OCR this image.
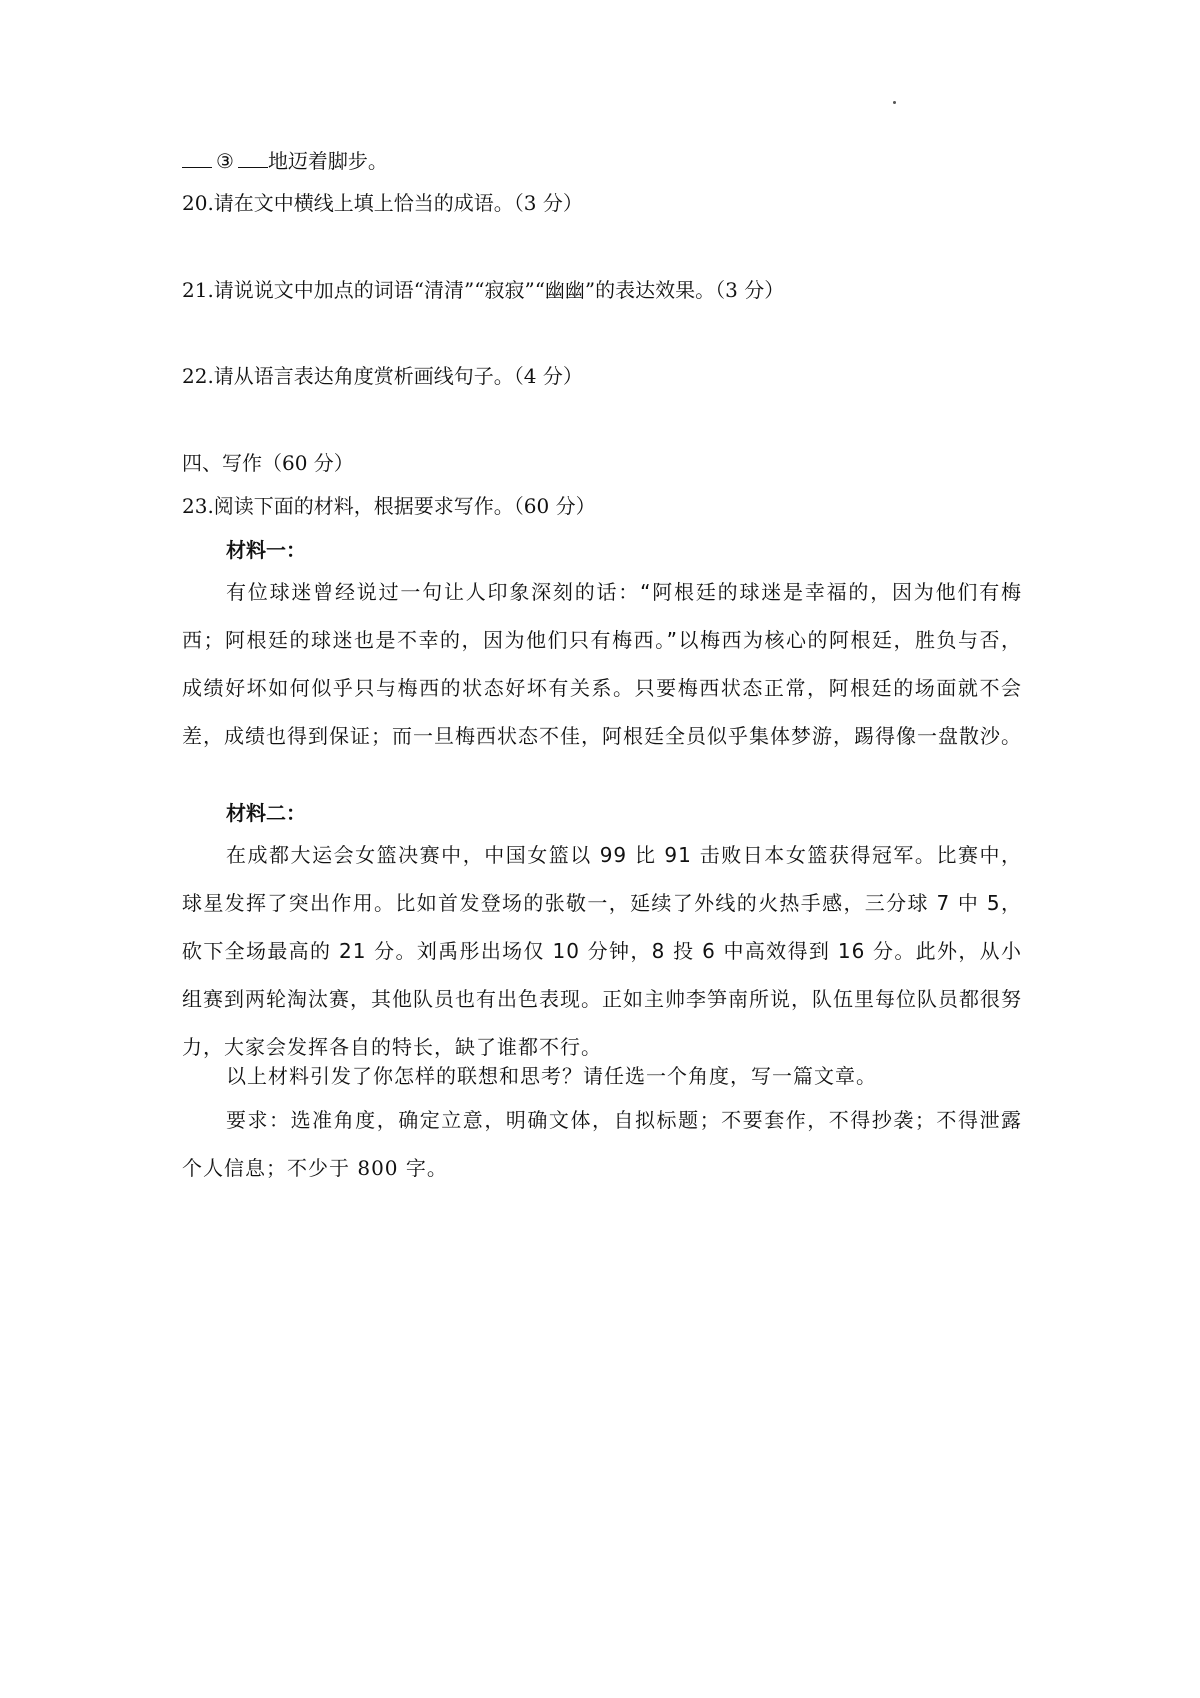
③ 地迈着脚步。
20.请在文中横线上填上恰当的成语。（3 分）
21.请说说文中加点的词语“清清”“寂寂”“幽幽”的表达效果。（3 分）
22.请从语言表达角度赏析画线句子。（4 分）
四、写作（60 分）
23.阅读下面的材料，根据要求写作。（60 分）
材料一：
有位球迷曾经说过一句让人印象深刻的话：“阿根廷的球迷是幸福的，因为他们有梅西；阿根廷的球迷也是不幸的，因为他们只有梅西。”以梅西为核心的阿根廷，胜负与否，成绩好坏如何似乎只与梅西的状态好坏有关系。只要梅西状态正常，阿根廷的场面就不会差，成绩也得到保证；而一旦梅西状态不佳，阿根廷全员似乎集体梦游，踢得像一盘散沙。
材料二：
在成都大运会女篮决赛中，中国女篮以 99 比 91 击败日本女篮获得冠军。比赛中，球星发挥了突出作用。比如首发登场的张敬一，延续了外线的火热手感，三分球 7 中 5，砍下全场最高的 21 分。刘禹彤出场仅 10 分钟，8 投 6 中高效得到 16 分。此外，从小组赛到两轮淘汰赛，其他队员也有出色表现。正如主帅李笋南所说，队伍里每位队员都很努力，大家会发挥各自的特长，缺了谁都不行。
以上材料引发了你怎样的联想和思考？请任选一个角度，写一篇文章。
要求：选准角度，确定立意，明确文体，自拟标题；不要套作，不得抄袭；不得泄露个人信息；不少于 800 字。
